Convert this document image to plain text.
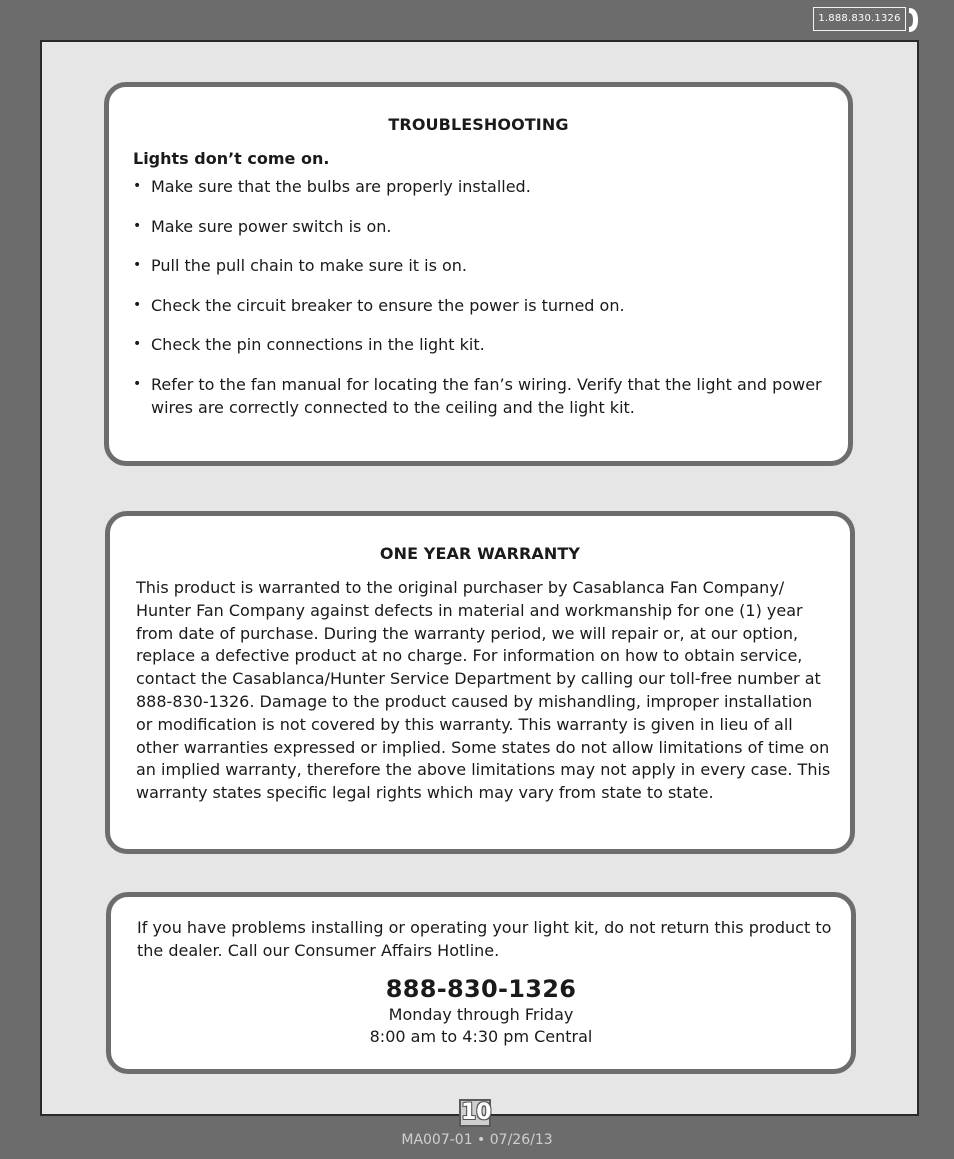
1.888.830.1326
TROUBLESHOOTING
Lights don’t come on.
• Make sure that the bulbs are properly installed.
• Make sure power switch is on.
• Pull the pull chain to make sure it is on.
• Check the circuit breaker to ensure the power is turned on.
• Check the pin connections in the light kit.
• Refer to the fan manual for locating the fan’s wiring. Verify that the light and power wires are correctly connected to the ceiling and the light kit.
ONE YEAR WARRANTY
This product is warranted to the original purchaser by Casablanca Fan Company/ Hunter Fan Company against defects in material and workmanship for one (1) year from date of purchase. During the warranty period, we will repair or, at our option, replace a defective product at no charge. For information on how to obtain service, contact the Casablanca/Hunter Service Department by calling our toll-free number at 888-830-1326. Damage to the product caused by mishandling, improper installation or modification is not covered by this warranty. This warranty is given in lieu of all other warranties expressed or implied. Some states do not allow limitations of time on an implied warranty, therefore the above limitations may not apply in every case. This warranty states specific legal rights which may vary from state to state.
If you have problems installing or operating your light kit, do not return this product to the dealer. Call our Consumer Affairs Hotline.
888-830-1326
Monday through Friday
8:00 am to 4:30 pm Central
10
MA007-01 • 07/26/13
